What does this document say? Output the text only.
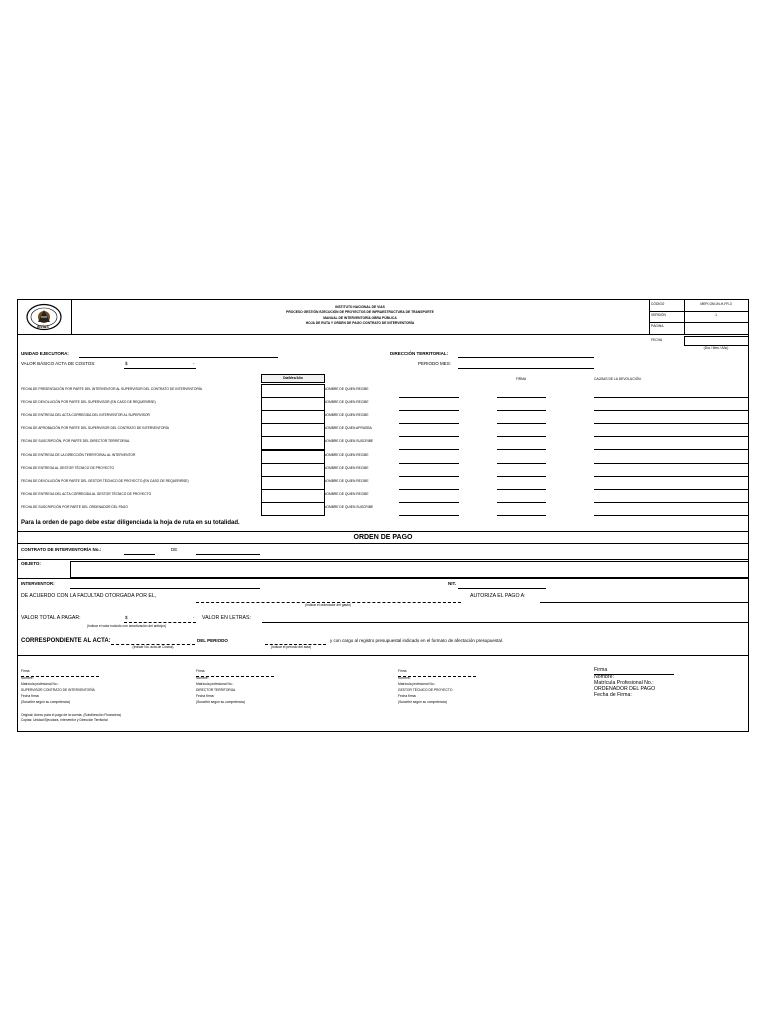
INVÍAS
INSTITUTO NACIONAL DE VIAS
PROCESO GESTIÓN EJECUCIÓN DE PROYECTOS DE INFRAESTRUCTURA DE TRANSPORTE
MANUAL DE INTERVENTORÍA OBRA PÚBLICA
HOJA DE RUTA Y ORDEN DE PAGO CONTRATO DE INTERVENTORÍA
CÓDIGO	MEPI-GNI-IN-H-FR-3
VERSIÓN	1
PÁGINA
FECHA
(Día / Mes / Año)
UNIDAD EJECUTORA:	DIRECCIÓN TERRITORIAL:
VALOR BÁSICO ACTA DE COSTOS:	$	-	PERIODO MES:
Día/Mes/Año	FIRMA	CAUSAS DE LA DEVOLUCIÓN:
FECHA DE PRESENTACIÓN POR PARTE DEL INTERVENTOR AL SUPERVISOR DEL CONTRATO DE INTERVENTORÍA	NOMBRE DE QUIEN RECIBE
FECHA DE DEVOLUCIÓN POR PARTE DEL SUPERVISOR (EN CASO DE REQUERIRSE)	NOMBRE DE QUIEN RECIBE
FECHA DE ENTREGA DEL ACTA CORREGIDA DEL INTERVENTOR AL SUPERVISOR	NOMBRE DE QUIEN RECIBE
FECHA DE APROBACIÓN POR PARTE DEL SUPERVISOR DEL CONTRATO DE INTERVENTORÍA	NOMBRE DE QUIEN APRUEBA
FECHA DE SUSCRIPCIÓN, POR PARTE DEL DIRECTOR TERRITORIAL	NOMBRE DE QUIEN SUSCRIBE
FECHA DE ENTREGA DE LA DIRECCIÓN TERRITORIAL AL INTERVENTOR	NOMBRE DE QUIEN RECIBE
FECHA DE ENTREGA AL GESTOR TÉCNICO DE PROYECTO	NOMBRE DE QUIEN RECIBE
FECHA DE DEVOLUCIÓN POR PARTE DEL GESTOR TÉCNICO DE PROYECTO (EN CASO DE REQUERIRSE)	NOMBRE DE QUIEN RECIBE
FECHA DE ENTREGA DEL ACTA CORREGIDA AL GESTOR TÉCNICO DE PROYECTO	NOMBRE DE QUIEN RECIBE
FECHA DE SUSCRIPCIÓN POR PARTE DEL ORDENADOR DEL PAGO	NOMBRE DE QUIEN SUSCRIBE
Para la orden de pago debe estar diligenciada la hoja de ruta en su totalidad.
ORDEN DE PAGO
CONTRATO DE INTERVENTORÍA No.:	DE
OBJETO:
INTERVENTOR:	NIT.
DE ACUERDO CON LA FACULTAD OTORGADA POR EL,
(Indicar el ordenador del gasto)
AUTORIZA EL PAGO A:
VALOR TOTAL A PAGAR:	$	-
(Indicar el valor incluido con amortización del anticipo)
VALOR EN LETRAS:
CORRESPONDIENTE AL ACTA:
(Indicar No. acta de Costos)
DEL PERIODO
(Indicar el período del acta)
y con cargo al registro presupuestal indicado en el formato de afectación presupuestal.
Firma
Nombre:
Matrícula profesional No.:
SUPERVISOR CONTRATO DE INTERVENTORÍA
Fecha firma:
(Suscribir según su competencia)
Firma
Nombre:
Matrícula profesional No.:
DIRECTOR TERRITORIAL
Fecha firma:
(Suscribir según su competencia)
Firma
Nombre:
Matrícula profesional No.:
GESTOR TÉCNICO DE PROYECTO
Fecha firma:
(Suscribir según su competencia)
Firma
Nombre:
Matrícula Profesional No.:
ORDENADOR DEL PAGO
Fecha de Firma:
Original: Anexo para el pago de la cuenta. (Subdirección Financiera)
Copias: Unidad Ejecutora, Interventor y Dirección Territorial
